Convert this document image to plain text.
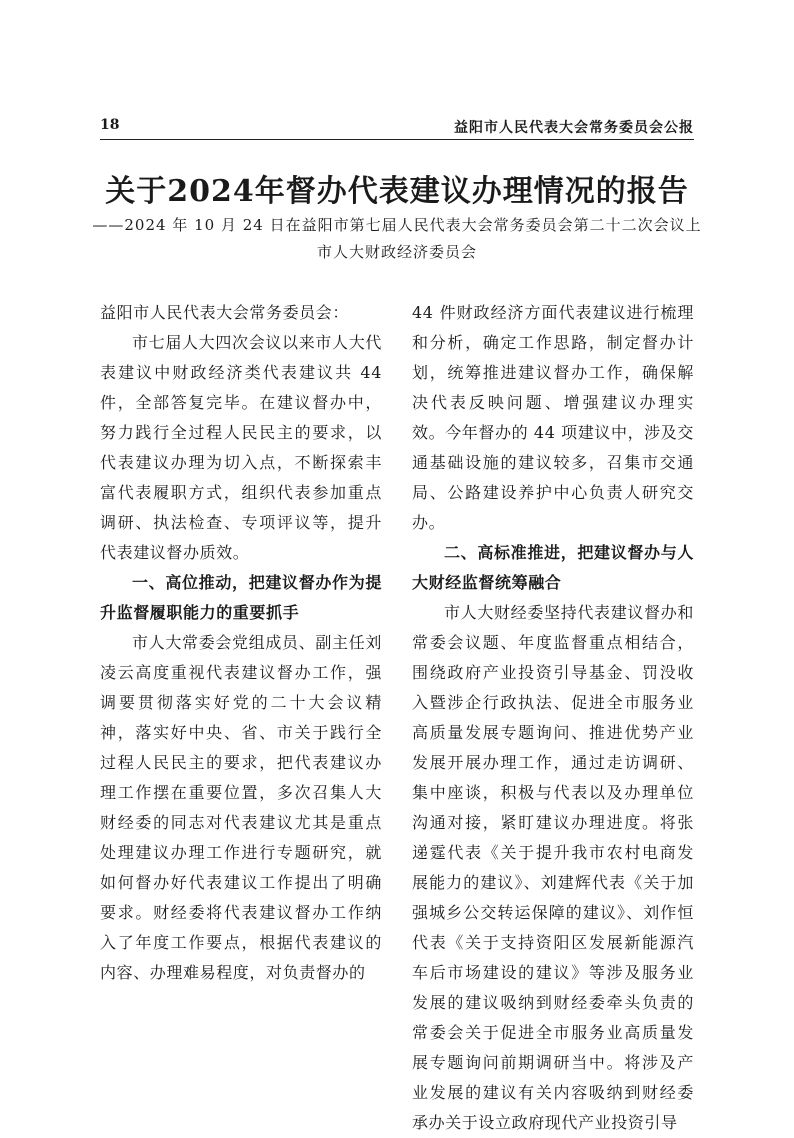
18	益阳市人民代表大会常务委员会公报
关于2024年督办代表建议办理情况的报告
——2024 年 10 月 24 日在益阳市第七届人民代表大会常务委员会第二十二次会议上
市人大财政经济委员会

益阳市人民代表大会常务委员会：

市七届人大四次会议以来市人大代表建议中财政经济类代表建议共 44 件，全部答复完毕。在建议督办中，努力践行全过程人民民主的要求，以代表建议办理为切入点，不断探索丰富代表履职方式，组织代表参加重点调研、执法检查、专项评议等，提升代表建议督办质效。

一、高位推动，把建议督办作为提升监督履职能力的重要抓手

市人大常委会党组成员、副主任刘凌云高度重视代表建议督办工作，强调要贯彻落实好党的二十大会议精神，落实好中央、省、市关于践行全过程人民民主的要求，把代表建议办理工作摆在重要位置，多次召集人大财经委的同志对代表建议尤其是重点处理建议办理工作进行专题研究，就如何督办好代表建议工作提出了明确要求。财经委将代表建议督办工作纳入了年度工作要点，根据代表建议的内容、办理难易程度，对负责督办的

44 件财政经济方面代表建议进行梳理和分析，确定工作思路，制定督办计划，统筹推进建议督办工作，确保解决代表反映问题、增强建议办理实效。今年督办的 44 项建议中，涉及交通基础设施的建议较多，召集市交通局、公路建设养护中心负责人研究交办。

二、高标准推进，把建议督办与人大财经监督统筹融合

市人大财经委坚持代表建议督办和常委会议题、年度监督重点相结合，围绕政府产业投资引导基金、罚没收入暨涉企行政执法、促进全市服务业高质量发展专题询问、推进优势产业发展开展办理工作，通过走访调研、集中座谈，积极与代表以及办理单位沟通对接，紧盯建议办理进度。将张递霆代表《关于提升我市农村电商发展能力的建议》、刘建辉代表《关于加强城乡公交转运保障的建议》、刘作恒代表《关于支持资阳区发展新能源汽车后市场建设的建议》等涉及服务业发展的建议吸纳到财经委牵头负责的常委会关于促进全市服务业高质量发展专题询问前期调研当中。将涉及产业发展的建议有关内容吸纳到财经委承办关于设立政府现代产业投资引导
